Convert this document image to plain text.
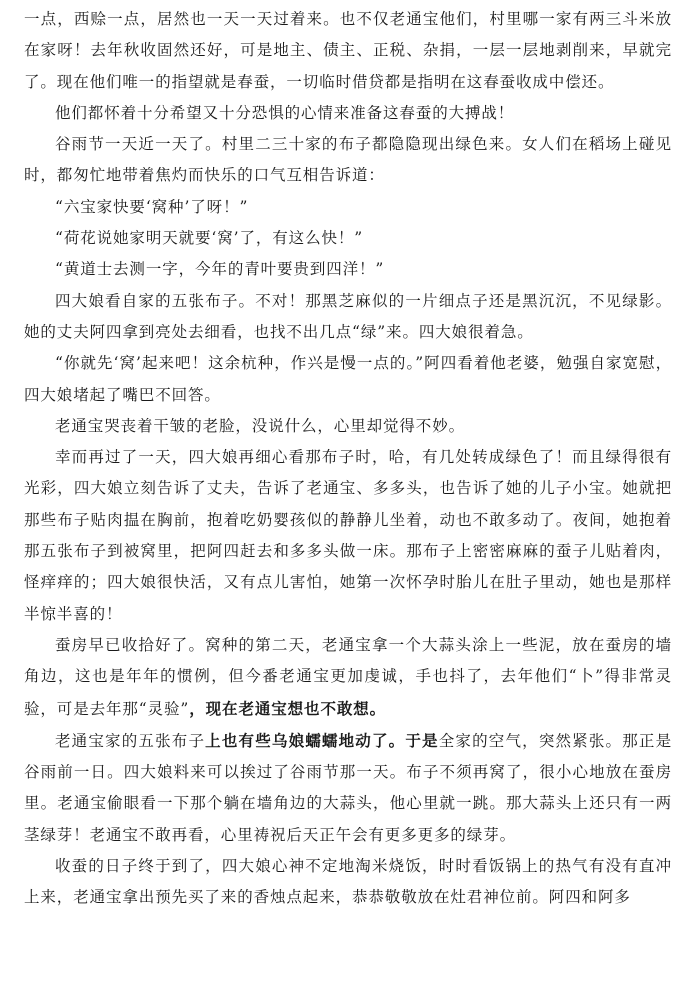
一点，西赊一点，居然也一天一天过着来。也不仅老通宝他们，村里哪一家有两三斗米放在家呀！去年秋收固然还好，可是地主、债主、正税、杂捐，一层一层地剥削来，早就完了。现在他们唯一的指望就是春蚕，一切临时借贷都是指明在这春蚕收成中偿还。

他们都怀着十分希望又十分恐惧的心情来准备这春蚕的大搏战！

谷雨节一天近一天了。村里二三十家的布子都隐隐现出绿色来。女人们在稻场上碰见时，都匆忙地带着焦灼而快乐的口气互相告诉道：

“六宝家快要‘窝种’了呀！”

“荷花说她家明天就要‘窝’了，有这么快！”

“黄道士去测一字，今年的青叶要贵到四洋！”

四大娘看自家的五张布子。不对！那黑芝麻似的一片细点子还是黑沉沉，不见绿影。她的丈夫阿四拿到亮处去细看，也找不出几点“绿”来。四大娘很着急。

“你就先‘窝’起来吧！这余杭种，作兴是慢一点的。”阿四看着他老婆，勉强自家宽慰，四大娘堵起了嘴巴不回答。

老通宝哭丧着干皱的老脸，没说什么，心里却觉得不妙。

幸而再过了一天，四大娘再细心看那布子时，哈，有几处转成绿色了！而且绿得很有光彩，四大娘立刻告诉了丈夫，告诉了老通宝、多多头，也告诉了她的儿子小宝。她就把那些布子贴肉揾在胸前，抱着吃奶婴孩似的静静儿坐着，动也不敢多动了。夜间，她抱着那五张布子到被窝里，把阿四赶去和多多头做一床。那布子上密密麻麻的蚕子儿贴着肉，怪痒痒的；四大娘很快活，又有点儿害怕，她第一次怀孕时胎儿在肚子里动，她也是那样半惊半喜的！

蚕房早已收拾好了。窝种的第二天，老通宝拿一个大蒜头涂上一些泥，放在蚕房的墙角边，这也是年年的惯例，但今番老通宝更加虔诚，手也抖了，去年他们“卜”得非常灵验，可是去年那“灵验”，现在老通宝想也不敢想。

老通宝家的五张布子上也有些乌娘蠕蠕地动了。于是全家的空气，突然紧张。那正是谷雨前一日。四大娘料来可以挨过了谷雨节那一天。布子不须再窝了，很小心地放在蚕房里。老通宝偷眼看一下那个躺在墙角边的大蒜头，他心里就一跳。那大蒜头上还只有一两茎绿芽！老通宝不敢再看，心里祷祝后天正午会有更多更多的绿芽。

收蚕的日子终于到了，四大娘心神不定地淘米烧饭，时时看饭锅上的热气有没有直冲上来，老通宝拿出预先买了来的香烛点起来，恭恭敬敬放在灶君神位前。阿四和阿多
